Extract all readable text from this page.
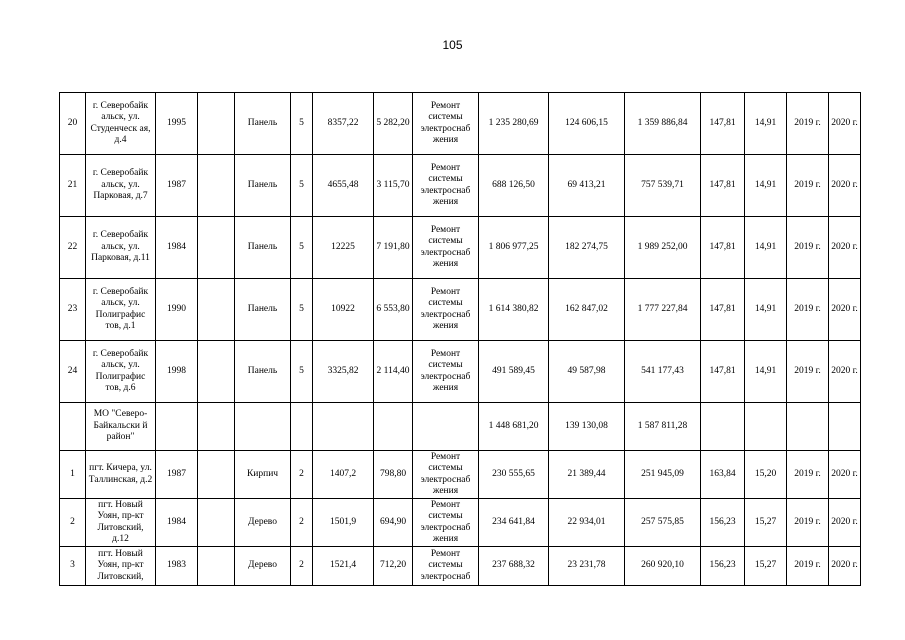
105
20	г. Северобайк альск, ул. Студенческ ая, д.4	1995		Панель	5	8357,22	5 282,20	Ремонт системы электроснаб жения	1 235 280,69	124 606,15	1 359 886,84	147,81	14,91	2019 г.	2020 г.
21	г. Северобайк альск, ул. Парковая, д.7	1987		Панель	5	4655,48	3 115,70	Ремонт системы электроснаб жения	688 126,50	69 413,21	757 539,71	147,81	14,91	2019 г.	2020 г.
22	г. Северобайк альск, ул. Парковая, д.11	1984		Панель	5	12225	7 191,80	Ремонт системы электроснаб жения	1 806 977,25	182 274,75	1 989 252,00	147,81	14,91	2019 г.	2020 г.
23	г. Северобайк альск, ул. Полиграфис тов, д.1	1990		Панель	5	10922	6 553,80	Ремонт системы электроснаб жения	1 614 380,82	162 847,02	1 777 227,84	147,81	14,91	2019 г.	2020 г.
24	г. Северобайк альск, ул. Полиграфис тов, д.6	1998		Панель	5	3325,82	2 114,40	Ремонт системы электроснаб жения	491 589,45	49 587,98	541 177,43	147,81	14,91	2019 г.	2020 г.
	МО "Северо-Байкальски й район"								1 448 681,20	139 130,08	1 587 811,28				
1	пгт. Кичера, ул. Таллинская, д.2	1987		Кирпич	2	1407,2	798,80	Ремонт системы электроснаб жения	230 555,65	21 389,44	251 945,09	163,84	15,20	2019 г.	2020 г.
2	пгт. Новый Уоян, пр-кт Литовский, д.12	1984		Дерево	2	1501,9	694,90	Ремонт системы электроснаб жения	234 641,84	22 934,01	257 575,85	156,23	15,27	2019 г.	2020 г.
3	пгт. Новый Уоян, пр-кт Литовский,	1983		Дерево	2	1521,4	712,20	Ремонт системы электроснаб	237 688,32	23 231,78	260 920,10	156,23	15,27	2019 г.	2020 г.
